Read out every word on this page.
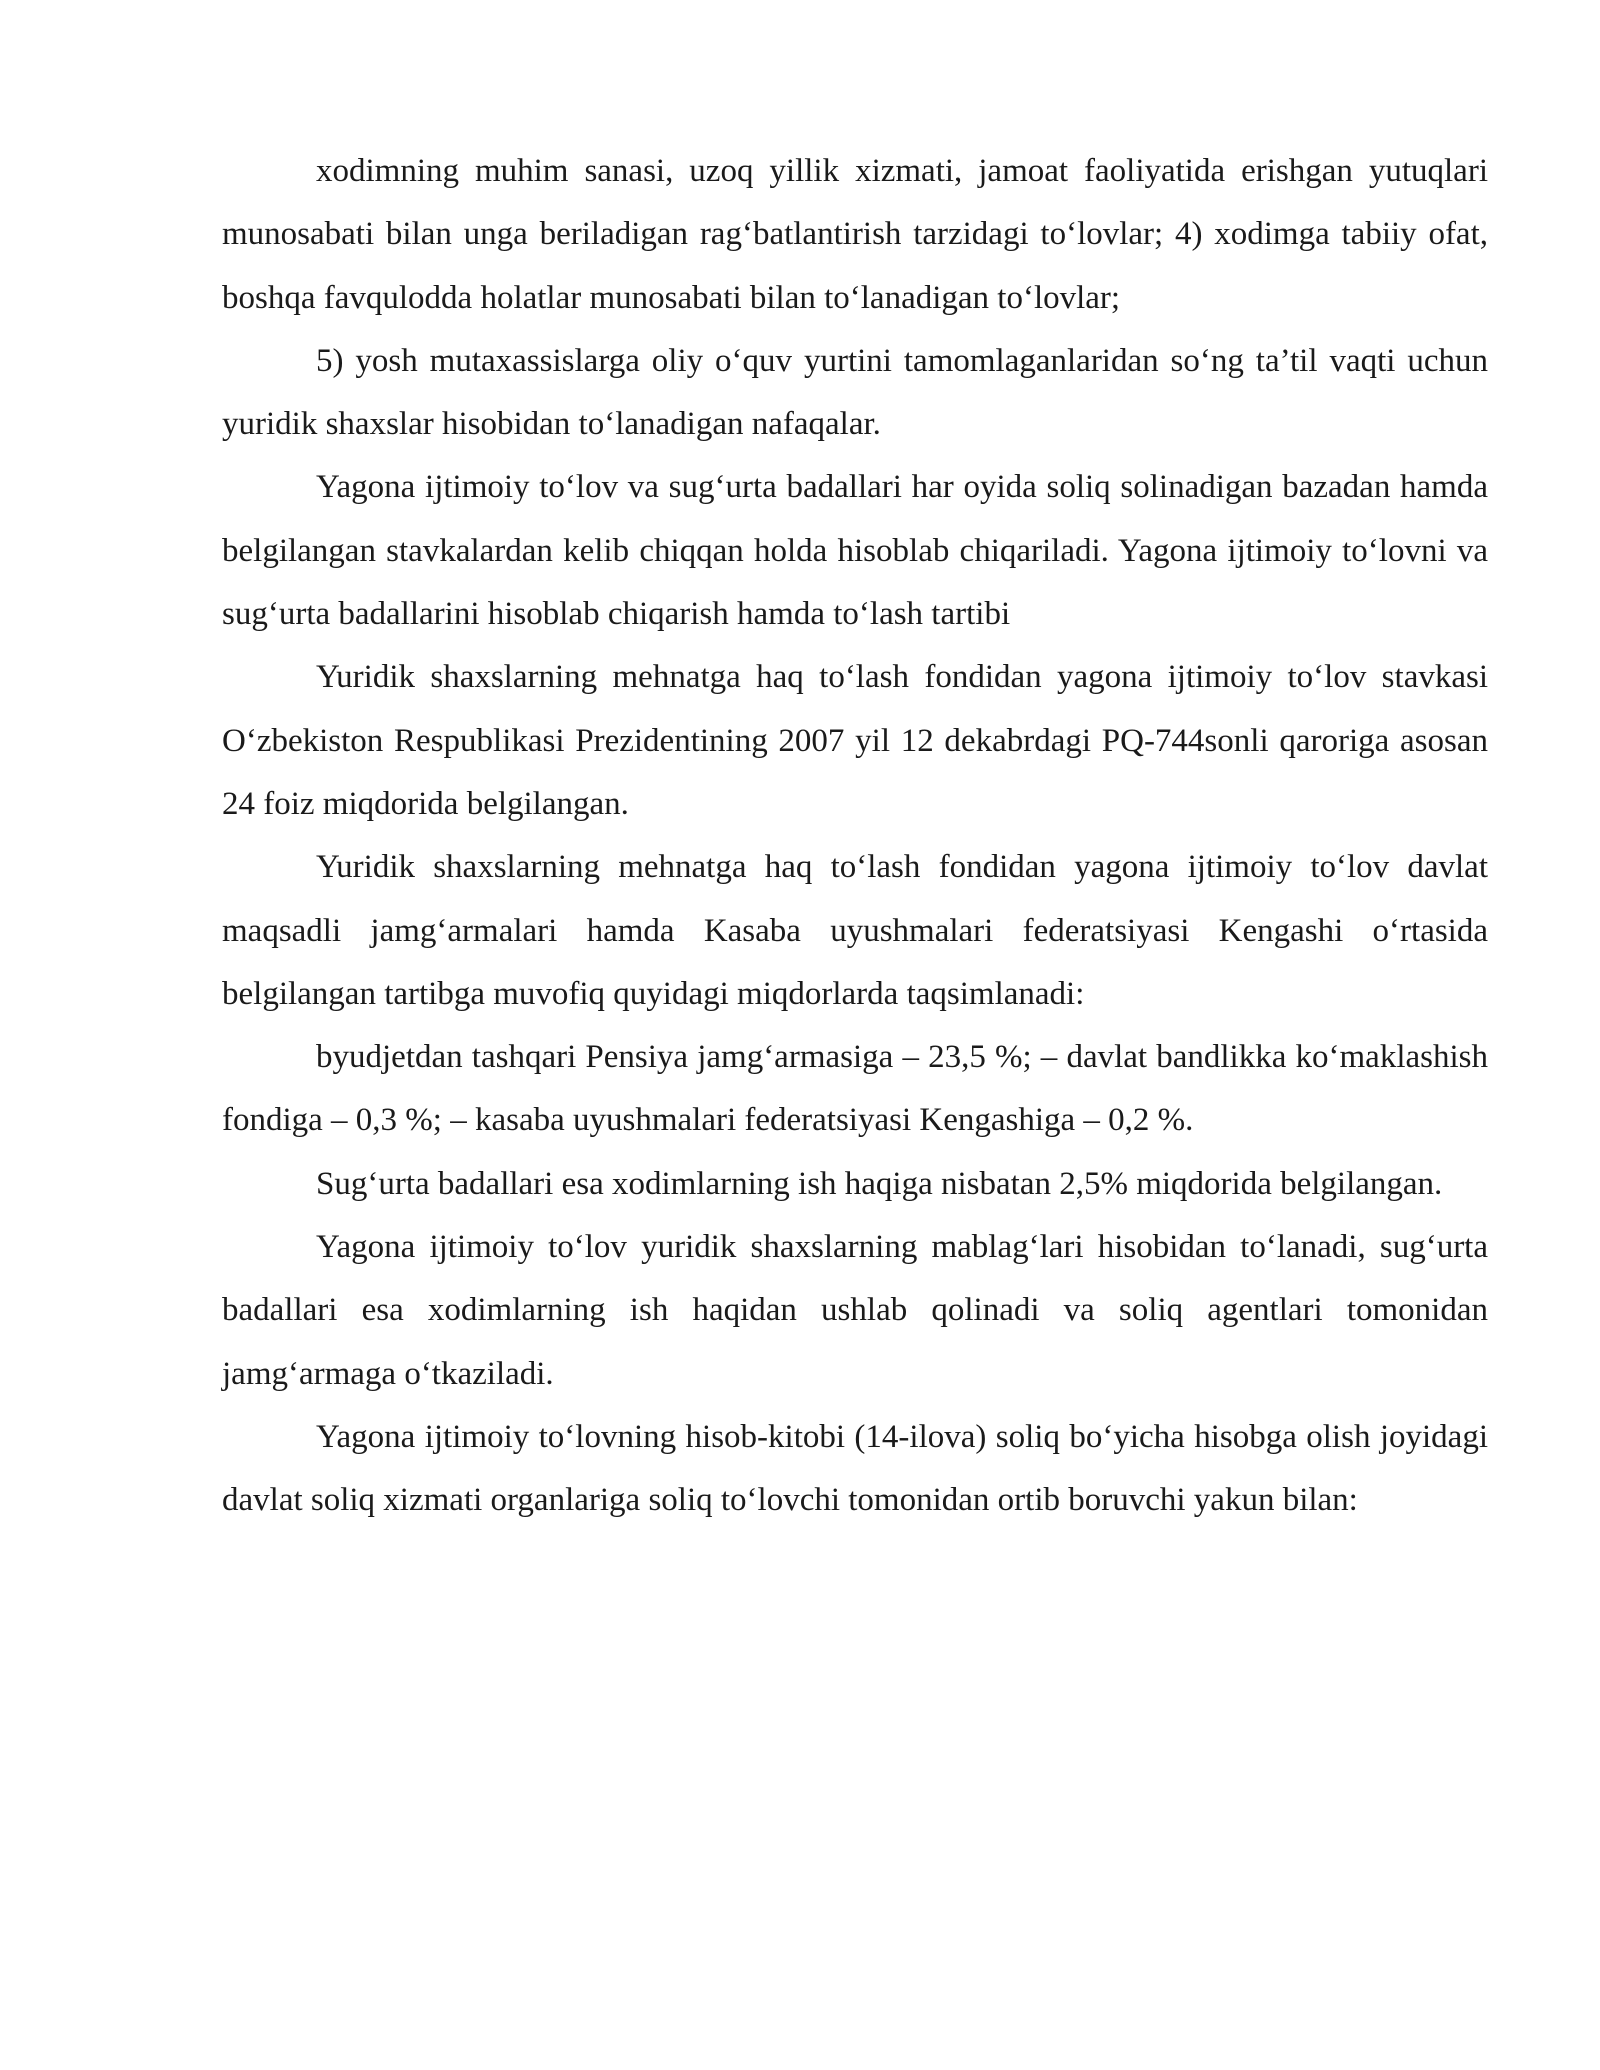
xodimning muhim sanasi, uzoq yillik xizmati, jamoat faoliyatida erishgan yutuqlari munosabati bilan unga beriladigan rag‘batlantirish tarzidagi to‘lovlar; 4) xodimga tabiiy ofat, boshqa favqulodda holatlar munosabati bilan to‘lanadigan to‘lovlar;

5) yosh mutaxassislarga oliy o‘quv yurtini tamomlaganlaridan so‘ng ta’til vaqti uchun yuridik shaxslar hisobidan to‘lanadigan nafaqalar.

Yagona ijtimoiy to‘lov va sug‘urta badallari har oyida soliq solinadigan bazadan hamda belgilangan stavkalardan kelib chiqqan holda hisoblab chiqariladi. Yagona ijtimoiy to‘lovni va sug‘urta badallarini hisoblab chiqarish hamda to‘lash tartibi

Yuridik shaxslarning mehnatga haq to‘lash fondidan yagona ijtimoiy to‘lov stavkasi O‘zbekiston Respublikasi Prezidentining 2007 yil 12 dekabrdagi PQ-744sonli qaroriga asosan 24 foiz miqdorida belgilangan.

Yuridik shaxslarning mehnatga haq to‘lash fondidan yagona ijtimoiy to‘lov davlat maqsadli jamg‘armalari hamda Kasaba uyushmalari federatsiyasi Kengashi o‘rtasida belgilangan tartibga muvofiq quyidagi miqdorlarda taqsimlanadi:

byudjetdan tashqari Pensiya jamg‘armasiga – 23,5 %; – davlat bandlikka ko‘maklashish fondiga – 0,3 %; – kasaba uyushmalari federatsiyasi Kengashiga – 0,2 %.

Sug‘urta badallari esa xodimlarning ish haqiga nisbatan 2,5% miqdorida belgilangan.

Yagona ijtimoiy to‘lov yuridik shaxslarning mablag‘lari hisobidan to‘lanadi, sug‘urta badallari esa xodimlarning ish haqidan ushlab qolinadi va soliq agentlari tomonidan jamg‘armaga o‘tkaziladi.

Yagona ijtimoiy to‘lovning hisob-kitobi (14-ilova) soliq bo‘yicha hisobga olish joyidagi davlat soliq xizmati organlariga soliq to‘lovchi tomonidan ortib boruvchi yakun bilan:
